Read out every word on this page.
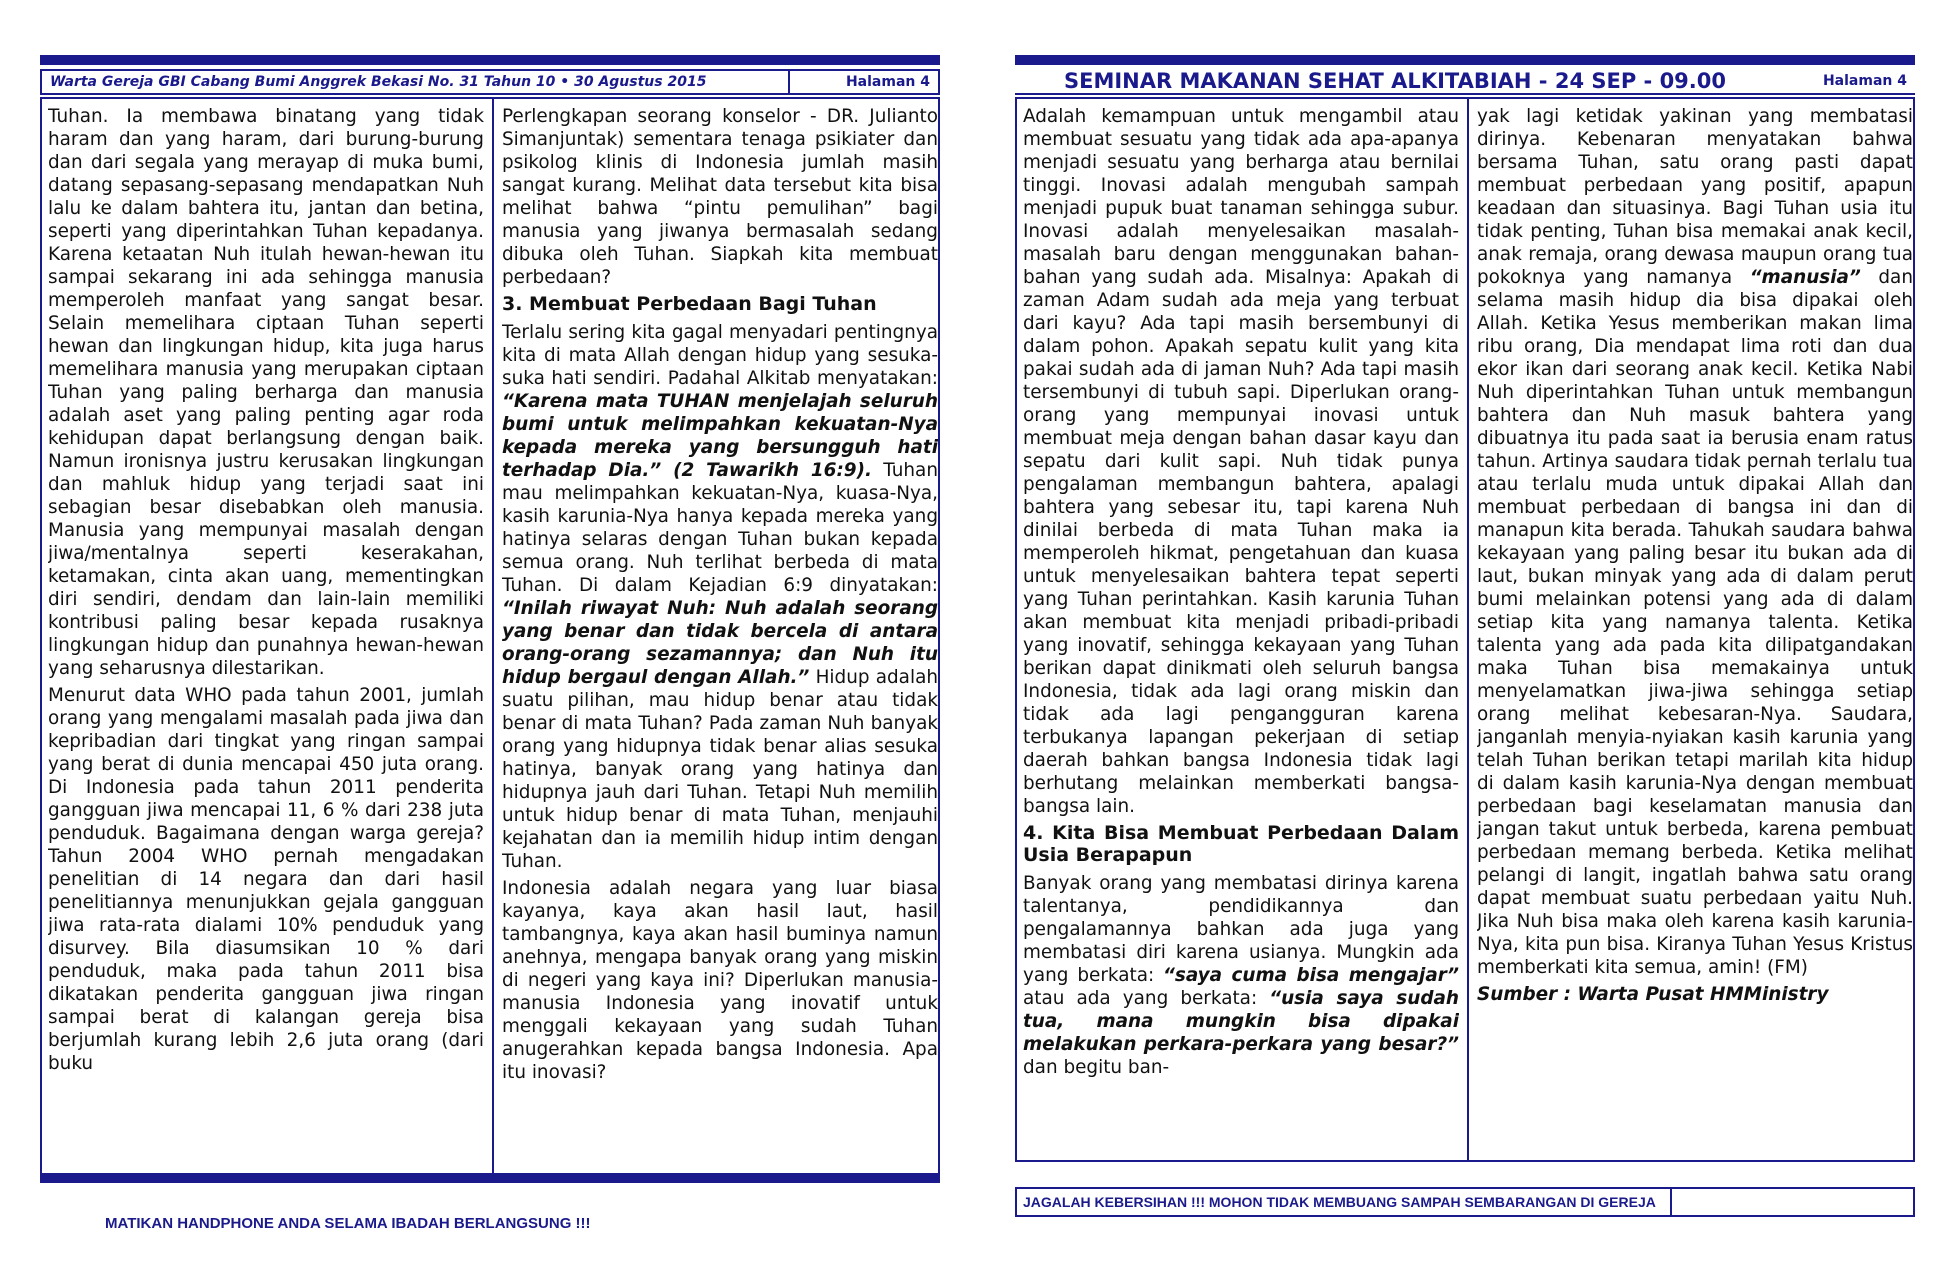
Warta Gereja GBI Cabang Bumi Anggrek Bekasi No. 31 Tahun 10 • 30 Agustus 2015	Halaman 4

Tuhan. Ia membawa binatang yang tidak haram dan yang haram, dari burung-burung dan dari segala yang merayap di muka bumi, datang sepasang-sepasang mendapatkan Nuh lalu ke dalam bahtera itu, jantan dan betina, seperti yang diperintahkan Tuhan kepadanya. Karena ketaatan Nuh itulah hewan-hewan itu sampai sekarang ini ada sehingga manusia memperoleh manfaat yang sangat besar. Selain memelihara ciptaan Tuhan seperti hewan dan lingkungan hidup, kita juga harus memelihara manusia yang merupakan ciptaan Tuhan yang paling berharga dan manusia adalah aset yang paling penting agar roda kehidupan dapat berlangsung dengan baik. Namun ironisnya justru kerusakan lingkungan dan mahluk hidup yang terjadi saat ini sebagian besar disebabkan oleh manusia. Manusia yang mempunyai masalah dengan jiwa/mentalnya seperti keserakahan, ketamakan, cinta akan uang, mementingkan diri sendiri, dendam dan lain-lain memiliki kontribusi paling besar kepada rusaknya lingkungan hidup dan punahnya hewan-hewan yang seharusnya dilestarikan.

Menurut data WHO pada tahun 2001, jumlah orang yang mengalami masalah pada jiwa dan kepribadian dari tingkat yang ringan sampai yang berat di dunia mencapai 450 juta orang. Di Indonesia pada tahun 2011 penderita gangguan jiwa mencapai 11, 6 % dari 238 juta penduduk. Bagaimana dengan warga gereja? Tahun 2004 WHO pernah mengadakan penelitian di 14 negara dan dari hasil penelitiannya menunjukkan gejala gangguan jiwa rata-rata dialami 10% penduduk yang disurvey. Bila diasumsikan 10 % dari penduduk, maka pada tahun 2011 bisa dikatakan penderita gangguan jiwa ringan sampai berat di kalangan gereja bisa berjumlah kurang lebih 2,6 juta orang (dari buku

Perlengkapan seorang konselor - DR. Julianto Simanjuntak) sementara tenaga psikiater dan psikolog klinis di Indonesia jumlah masih sangat kurang. Melihat data tersebut kita bisa melihat bahwa “pintu pemulihan” bagi manusia yang jiwanya bermasalah sedang dibuka oleh Tuhan. Siapkah kita membuat perbedaan?

3. Membuat Perbedaan Bagi Tuhan

Terlalu sering kita gagal menyadari pentingnya kita di mata Allah dengan hidup yang sesuka-suka hati sendiri. Padahal Alkitab menyatakan: “Karena mata TUHAN menjelajah seluruh bumi untuk melimpahkan kekuatan-Nya kepada mereka yang bersungguh hati terhadap Dia.” (2 Tawarikh 16:9). Tuhan mau melimpahkan kekuatan-Nya, kuasa-Nya, kasih karunia-Nya hanya kepada mereka yang hatinya selaras dengan Tuhan bukan kepada semua orang. Nuh terlihat berbeda di mata Tuhan. Di dalam Kejadian 6:9 dinyatakan: “Inilah riwayat Nuh: Nuh adalah seorang yang benar dan tidak bercela di antara orang-orang sezamannya; dan Nuh itu hidup bergaul dengan Allah.” Hidup adalah suatu pilihan, mau hidup benar atau tidak benar di mata Tuhan? Pada zaman Nuh banyak orang yang hidupnya tidak benar alias sesuka hatinya, banyak orang yang hatinya dan hidupnya jauh dari Tuhan. Tetapi Nuh memilih untuk hidup benar di mata Tuhan, menjauhi kejahatan dan ia memilih hidup intim dengan Tuhan.

Indonesia adalah negara yang luar biasa kayanya, kaya akan hasil laut, hasil tambangnya, kaya akan hasil buminya namun anehnya, mengapa banyak orang yang miskin di negeri yang kaya ini? Diperlukan manusia-manusia Indonesia yang inovatif untuk menggali kekayaan yang sudah Tuhan anugerahkan kepada bangsa Indonesia. Apa itu inovasi?

MATIKAN HANDPHONE ANDA SELAMA IBADAH BERLANGSUNG !!!
SEMINAR MAKANAN SEHAT ALKITABIAH - 24 SEP - 09.00	Halaman 4

Adalah kemampuan untuk mengambil atau membuat sesuatu yang tidak ada apa-apanya menjadi sesuatu yang berharga atau bernilai tinggi. Inovasi adalah mengubah sampah menjadi pupuk buat tanaman sehingga subur. Inovasi adalah menyelesaikan masalah-masalah baru dengan menggunakan bahan-bahan yang sudah ada. Misalnya: Apakah di zaman Adam sudah ada meja yang terbuat dari kayu? Ada tapi masih bersembunyi di dalam pohon. Apakah sepatu kulit yang kita pakai sudah ada di jaman Nuh? Ada tapi masih tersembunyi di tubuh sapi. Diperlukan orang-orang yang mempunyai inovasi untuk membuat meja dengan bahan dasar kayu dan sepatu dari kulit sapi. Nuh tidak punya pengalaman membangun bahtera, apalagi bahtera yang sebesar itu, tapi karena Nuh dinilai berbeda di mata Tuhan maka ia memperoleh hikmat, pengetahuan dan kuasa untuk menyelesaikan bahtera tepat seperti yang Tuhan perintahkan. Kasih karunia Tuhan akan membuat kita menjadi pribadi-pribadi yang inovatif, sehingga kekayaan yang Tuhan berikan dapat dinikmati oleh seluruh bangsa Indonesia, tidak ada lagi orang miskin dan tidak ada lagi pengangguran karena terbukanya lapangan pekerjaan di setiap daerah bahkan bangsa Indonesia tidak lagi berhutang melainkan memberkati bangsa-bangsa lain.

4. Kita Bisa Membuat Perbedaan Dalam Usia Berapapun

Banyak orang yang membatasi dirinya karena talentanya, pendidikannya dan pengalamannya bahkan ada juga yang membatasi diri karena usianya. Mungkin ada yang berkata: “saya cuma bisa mengajar” atau ada yang berkata: “usia saya sudah tua, mana mungkin bisa dipakai melakukan perkara-perkara yang besar?” dan begitu ban-

yak lagi ketidak yakinan yang membatasi dirinya. Kebenaran menyatakan bahwa bersama Tuhan, satu orang pasti dapat membuat perbedaan yang positif, apapun keadaan dan situasinya. Bagi Tuhan usia itu tidak penting, Tuhan bisa memakai anak kecil, anak remaja, orang dewasa maupun orang tua pokoknya yang namanya “manusia” dan selama masih hidup dia bisa dipakai oleh Allah. Ketika Yesus memberikan makan lima ribu orang, Dia mendapat lima roti dan dua ekor ikan dari seorang anak kecil. Ketika Nabi Nuh diperintahkan Tuhan untuk membangun bahtera dan Nuh masuk bahtera yang dibuatnya itu pada saat ia berusia enam ratus tahun. Artinya saudara tidak pernah terlalu tua atau terlalu muda untuk dipakai Allah dan membuat perbedaan di bangsa ini dan di manapun kita berada. Tahukah saudara bahwa kekayaan yang paling besar itu bukan ada di laut, bukan minyak yang ada di dalam perut bumi melainkan potensi yang ada di dalam setiap kita yang namanya talenta. Ketika talenta yang ada pada kita dilipatgandakan maka Tuhan bisa memakainya untuk menyelamatkan jiwa-jiwa sehingga setiap orang melihat kebesaran-Nya. Saudara, janganlah menyia-nyiakan kasih karunia yang telah Tuhan berikan tetapi marilah kita hidup di dalam kasih karunia-Nya dengan membuat perbedaan bagi keselamatan manusia dan jangan takut untuk berbeda, karena pembuat perbedaan memang berbeda. Ketika melihat pelangi di langit, ingatlah bahwa satu orang dapat membuat suatu perbedaan yaitu Nuh. Jika Nuh bisa maka oleh karena kasih karunia-Nya, kita pun bisa. Kiranya Tuhan Yesus Kristus memberkati kita semua, amin! (FM)

Sumber : Warta Pusat HMMinistry

JAGALAH KEBERSIHAN !!! MOHON TIDAK MEMBUANG SAMPAH SEMBARANGAN DI GEREJA
